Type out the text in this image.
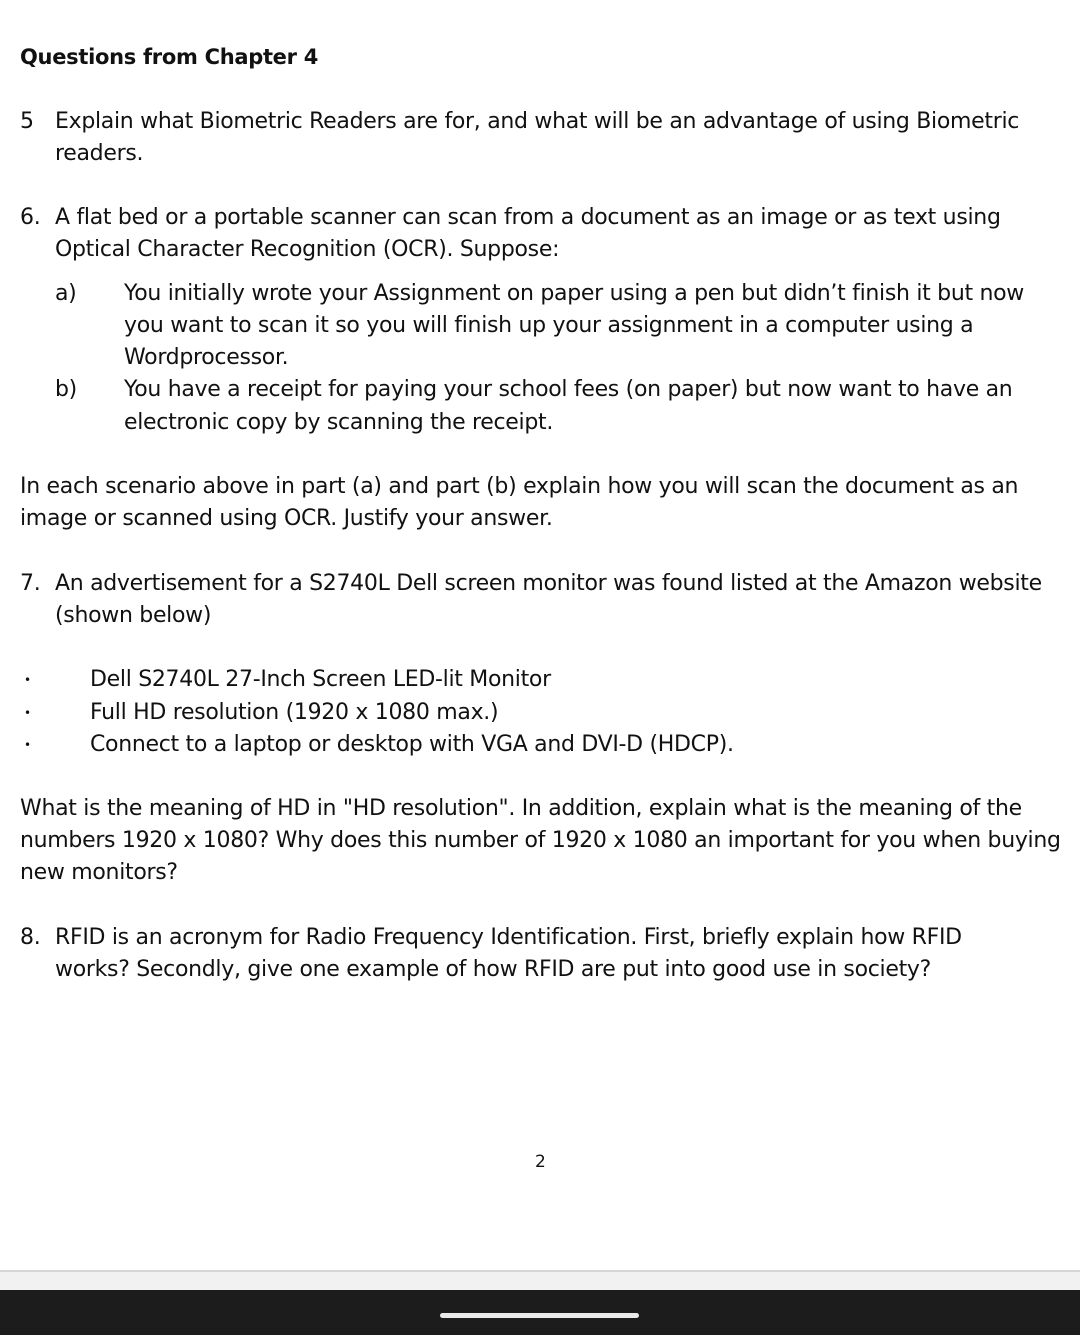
Questions from Chapter 4
5 Explain what Biometric Readers are for, and what will be an advantage of using Biometric
readers.
6. A flat bed or a portable scanner can scan from a document as an image or as text using
Optical Character Recognition (OCR). Suppose:
a) You initially wrote your Assignment on paper using a pen but didn’t finish it but now
you want to scan it so you will finish up your assignment in a computer using a
Wordprocessor.
b) You have a receipt for paying your school fees (on paper) but now want to have an
electronic copy by scanning the receipt.
In each scenario above in part (a) and part (b) explain how you will scan the document as an
image or scanned using OCR. Justify your answer.
7. An advertisement for a S2740L Dell screen monitor was found listed at the Amazon website
(shown below)
•	Dell S2740L 27-Inch Screen LED-lit Monitor
•	Full HD resolution (1920 x 1080 max.)
•	Connect to a laptop or desktop with VGA and DVI-D (HDCP).
What is the meaning of HD in "HD resolution". In addition, explain what is the meaning of the
numbers 1920 x 1080? Why does this number of 1920 x 1080 an important for you when buying
new monitors?
8. RFID is an acronym for Radio Frequency Identification. First, briefly explain how RFID
works? Secondly, give one example of how RFID are put into good use in society?
2
